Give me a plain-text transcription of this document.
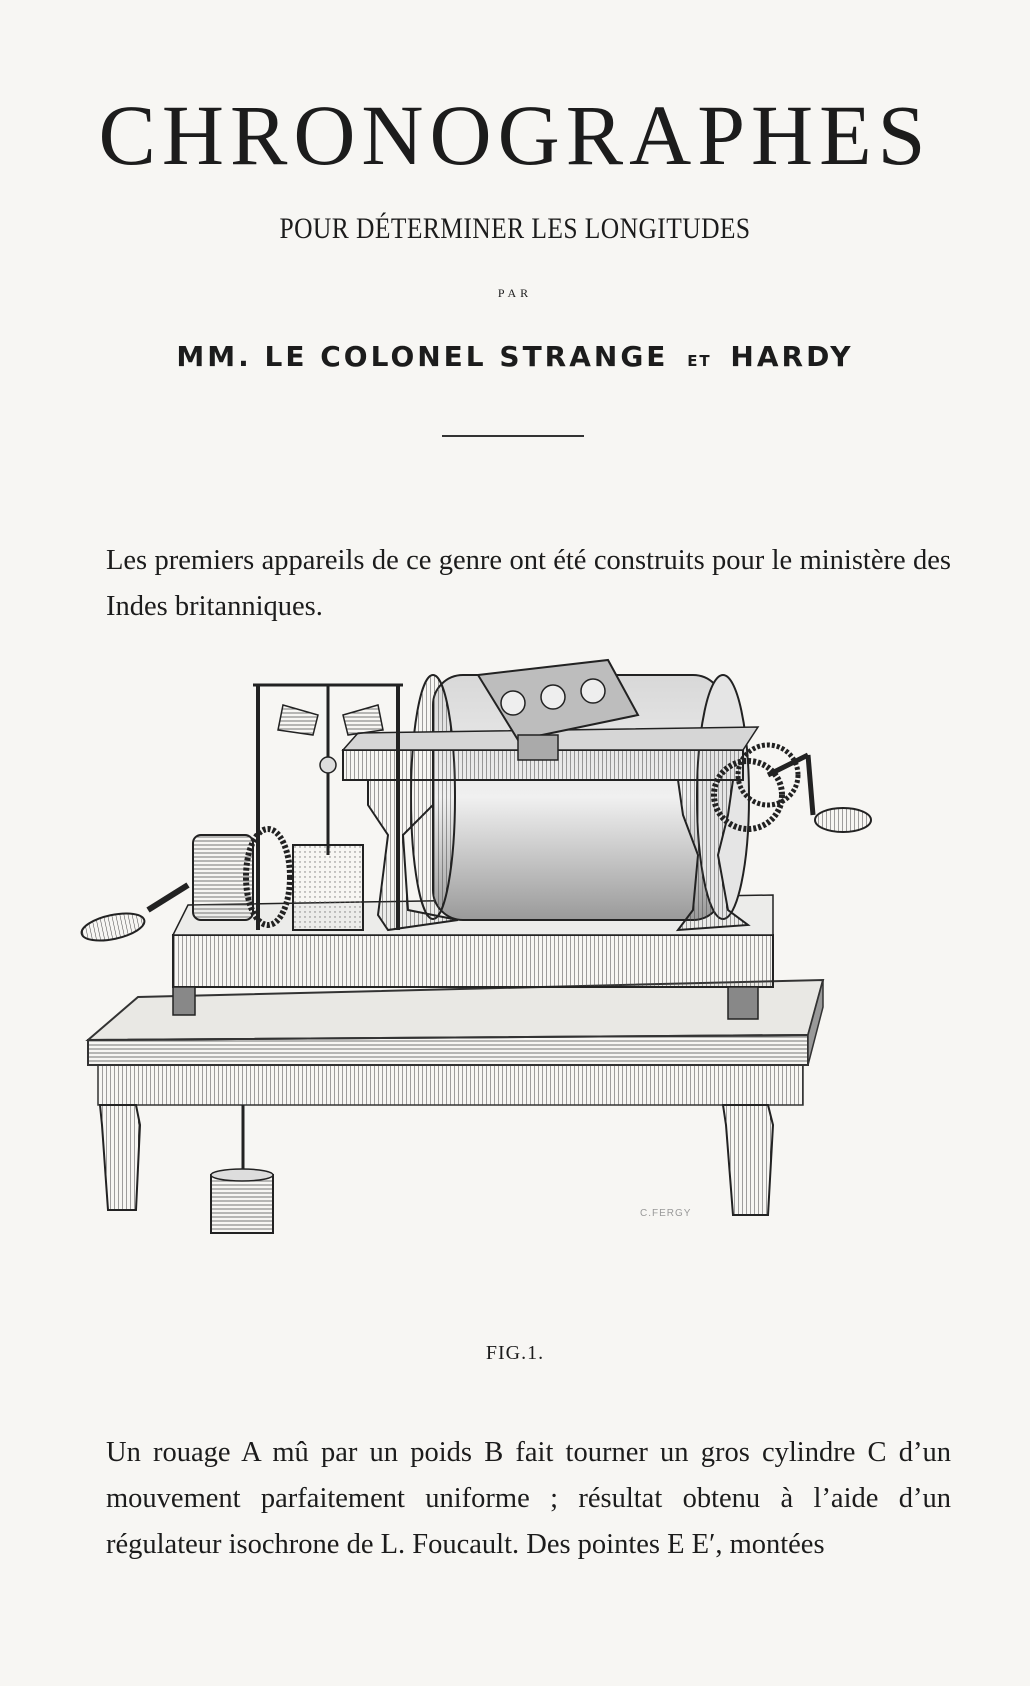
CHRONOGRAPHES
POUR DÉTERMINER LES LONGITUDES
PAR
MM. LE COLONEL STRANGE ET HARDY

Les premiers appareils de ce genre ont été construits pour le ministère des Indes britanniques.

C.FERGY
FIG.1.

Un rouage A mû par un poids B fait tourner un gros cylindre C d’un mouvement parfaitement uniforme ; résultat obtenu à l’aide d’un régulateur isochrone de L. Foucault. Des pointes E E′, montées
